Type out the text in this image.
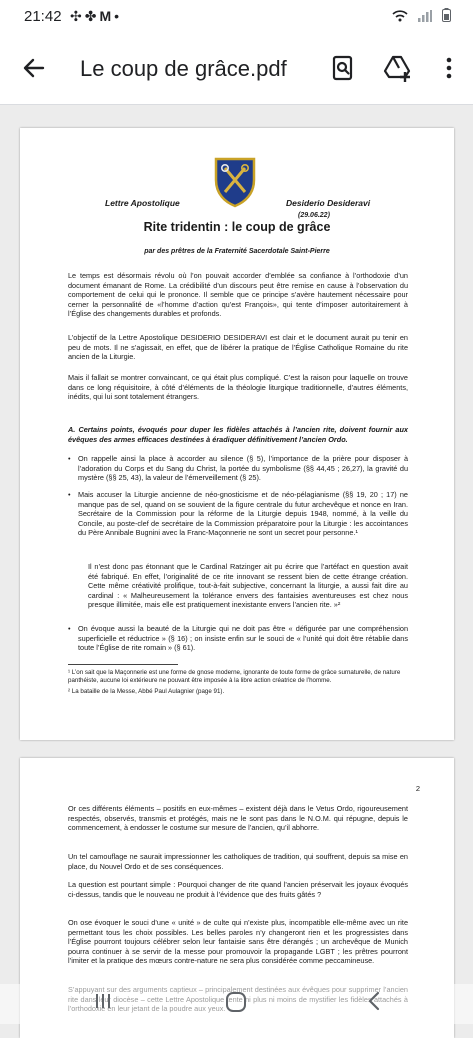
21:42 ✣✤M•

Le coup de grâce.pdf
Lettre Apostolique	Desiderio Desideravi
(29.06.22)
Rite tridentin : le coup de grâce
par des prêtres de la Fraternité Sacerdotale Saint-Pierre

Le temps est désormais révolu où l’on pouvait accorder d’emblée sa confiance à l’orthodoxie d’un document émanant de Rome. La crédibilité d’un discours peut être remise en cause à l’observation du comportement de celui qui le prononce. Il semble que ce principe s’avère hautement nécessaire pour cerner la personnalité de «l’homme d’action qu’est François», qui tente d’imposer autoritairement à l’Église des changements durables et profonds.

L’objectif de la Lettre Apostolique DESIDERIO DESIDERAVI est clair et le document aurait pu tenir en peu de mots. Il ne s’agissait, en effet, que de libérer la pratique de l’Église Catholique Romaine du rite ancien de la Liturgie.

Mais il fallait se montrer convaincant, ce qui était plus compliqué. C’est la raison pour laquelle on trouve dans ce long réquisitoire, à côté d’éléments de la théologie liturgique traditionnelle, d’autres éléments, inédits, qui lui sont totalement étrangers.

A. Certains points, évoqués pour duper les fidèles attachés à l’ancien rite, doivent fournir aux évêques des armes efficaces destinées à éradiquer définitivement l’ancien Ordo.

• On rappelle ainsi la place à accorder au silence (§ 5), l’importance de la prière pour disposer à l’adoration du Corps et du Sang du Christ, la portée du symbolisme (§§ 44,45 ; 26,27), la gravité du mystère (§§ 25, 43), la valeur de l’émerveillement (§ 25).

• Mais accuser la Liturgie ancienne de néo-gnosticisme et de néo-pélagianisme (§§ 19, 20 ; 17) ne manque pas de sel, quand on se souvient de la figure centrale du futur archevêque et nonce en Iran. Secrétaire de la Commission pour la réforme de la Liturgie depuis 1948, nommé, à la veille du Concile, au poste-clef de secrétaire de la Commission préparatoire pour la Liturgie : les accointances du Père Annibale Bugnini avec la Franc-Maçonnerie ne sont un secret pour personne.¹

Il n’est donc pas étonnant que le Cardinal Ratzinger ait pu écrire que l’artéfact en question avait été fabriqué. En effet, l’originalité de ce rite innovant se ressent bien de cette étrange création. Cette même créativité prolifique, tout-à-fait subjective, concernant la liturgie, a aussi fait dire au cardinal : « Malheureusement la tolérance envers des fantaisies aventureuses est chez nous presque illimitée, mais elle est pratiquement inexistante envers l’ancien rite. »²

• On évoque aussi la beauté de la Liturgie qui ne doit pas être « défigurée par une compréhension superficielle et réductrice » (§ 16) ; on insiste enfin sur le souci de « l’unité qui doit être rétablie dans toute l’Église de rite romain » (§ 61).

¹ L’on sait que la Maçonnerie est une forme de gnose moderne, ignorante de toute forme de grâce surnaturelle, de nature panthéiste, aucune loi extérieure ne pouvant être imposée à la libre action créatrice de l’homme.

² La bataille de la Messe, Abbé Paul Aulagnier (page 91).

2

Or ces différents éléments – positifs en eux-mêmes – existent déjà dans le Vetus Ordo, rigoureusement respectés, observés, transmis et protégés, mais ne le sont pas dans le N.O.M. qui répugne, depuis le commencement, à endosser le costume sur mesure de l’ancien, qu’il abhorre.

Un tel camouflage ne saurait impressionner les catholiques de tradition, qui souffrent, depuis sa mise en place, du Nouvel Ordo et de ses conséquences.

La question est pourtant simple : Pourquoi changer de rite quand l’ancien préservait les joyaux évoqués ci-dessus, tandis que le nouveau ne produit à l’évidence que des fruits gâtés ?

On ose évoquer le souci d’une « unité » de culte qui n’existe plus, incompatible elle-même avec un rite permettant tous les choix possibles. Les belles paroles n’y changeront rien et les progressistes dans l’Église pourront toujours célébrer selon leur fantaisie sans être dérangés ; un archevêque de Munich pourra continuer à se servir de la messe pour promouvoir la propagande LGBT ; les prêtres pourront l’imiter et la pratique des mœurs contre-nature ne sera plus considérée comme peccamineuse.
